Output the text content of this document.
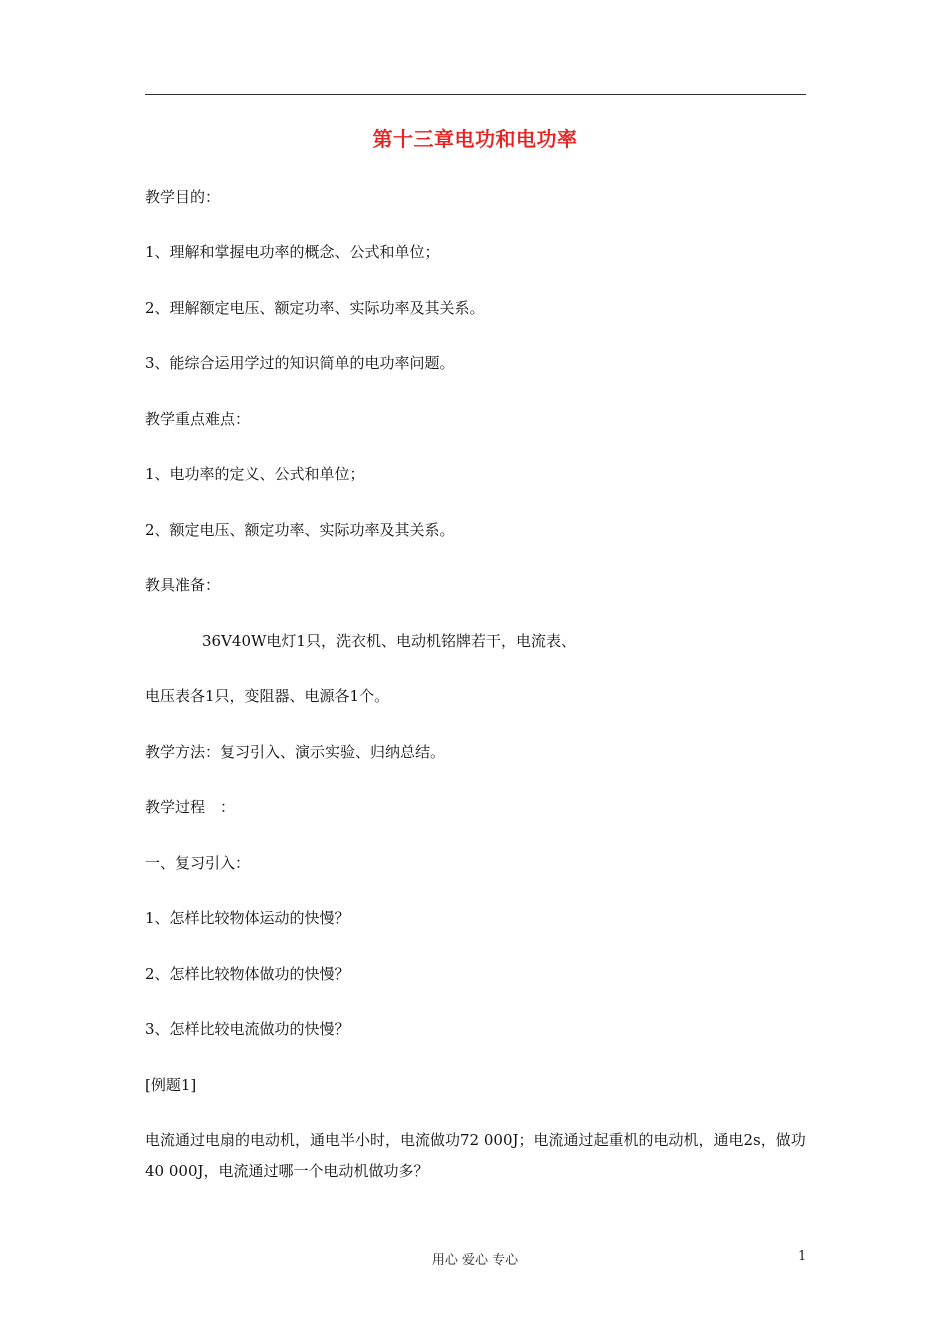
第十三章电功和电功率
教学目的：
1、理解和掌握电功率的概念、公式和单位；
2、理解额定电压、额定功率、实际功率及其关系。
3、能综合运用学过的知识简单的电功率问题。
教学重点难点：
1、电功率的定义、公式和单位；
2、额定电压、额定功率、实际功率及其关系。
教具准备：
36V40W电灯1只，洗衣机、电动机铭牌若干，电流表、
电压表各1只，变阻器、电源各1个。
教学方法：复习引入、演示实验、归纳总结。
教学过程　：
一、复习引入：
1、怎样比较物体运动的快慢？
2、怎样比较物体做功的快慢？
3、怎样比较电流做功的快慢？
[例题1]
电流通过电扇的电动机，通电半小时，电流做功72 000J；电流通过起重机的电动机，通电2s，做功40 000J，电流通过哪一个电动机做功多？
用心 爱心 专心	1
